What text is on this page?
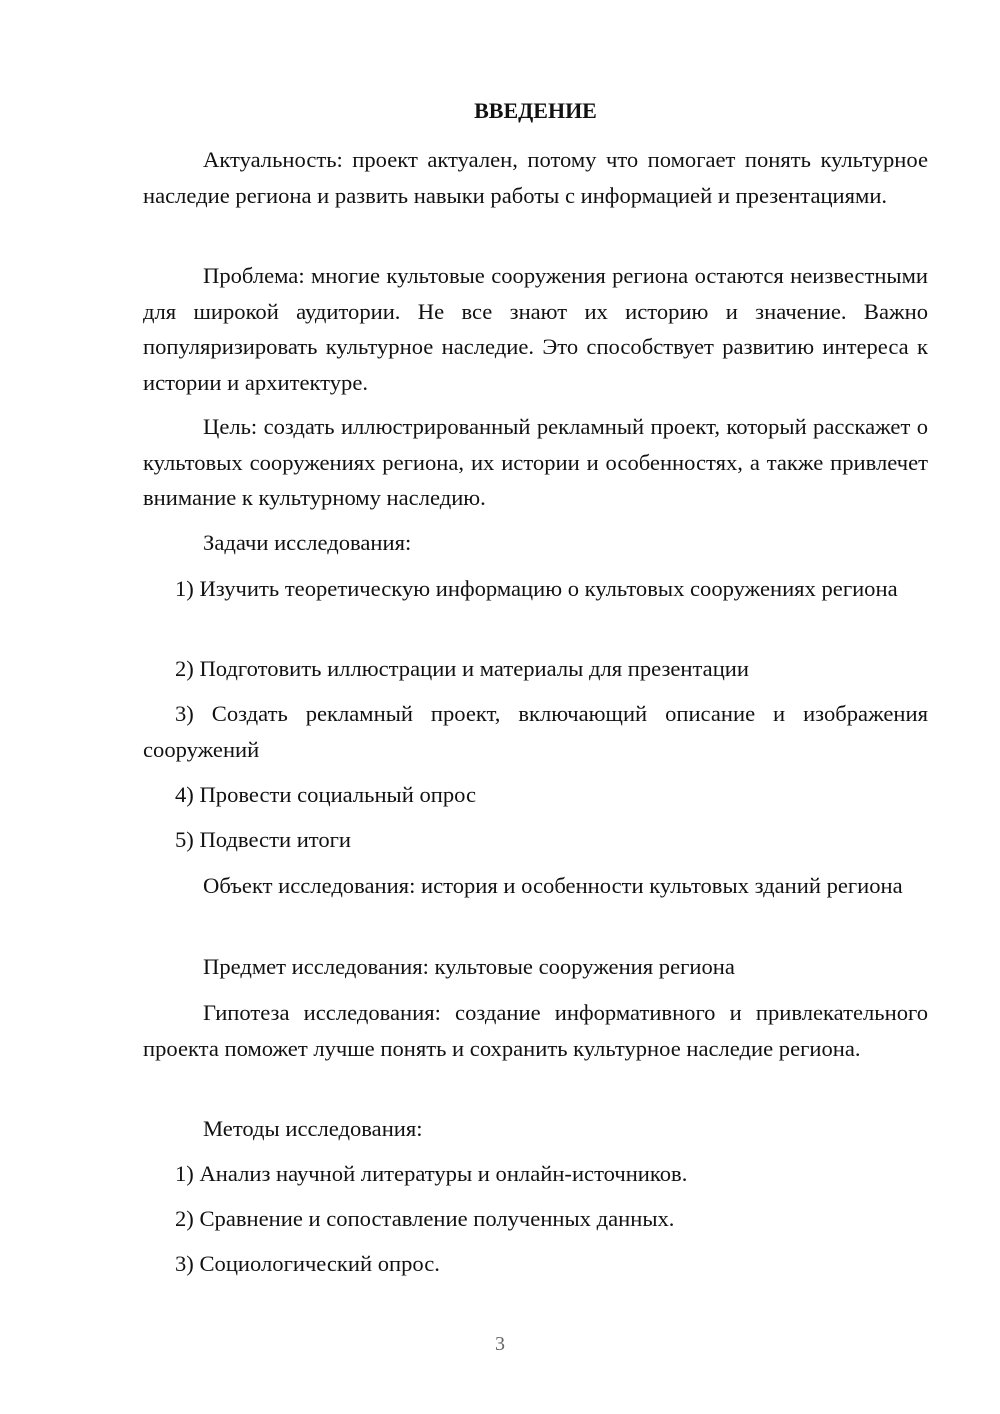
ВВЕДЕНИЕ

Актуальность: проект актуален, потому что помогает понять культурное наследие региона и развить навыки работы с информацией и презентациями.

Проблема: многие культовые сооружения региона остаются неизвестными для широкой аудитории. Не все знают их историю и значение. Важно популяризировать культурное наследие. Это способствует развитию интереса к истории и архитектуре.

Цель: создать иллюстрированный рекламный проект, который расскажет о культовых сооружениях региона, их истории и особенностях, а также привлечет внимание к культурному наследию.

Задачи исследования:

1) Изучить теоретическую информацию о культовых сооружениях региона

2) Подготовить иллюстрации и материалы для презентации

3) Создать рекламный проект, включающий описание и изображения сооружений

4) Провести социальный опрос

5) Подвести итоги

Объект исследования: история и особенности культовых зданий региона

Предмет исследования: культовые сооружения региона

Гипотеза исследования: создание информативного и привлекательного проекта поможет лучше понять и сохранить культурное наследие региона.

Методы исследования:

1) Анализ научной литературы и онлайн-источников.

2) Сравнение и сопоставление полученных данных.

3) Социологический опрос.

3
